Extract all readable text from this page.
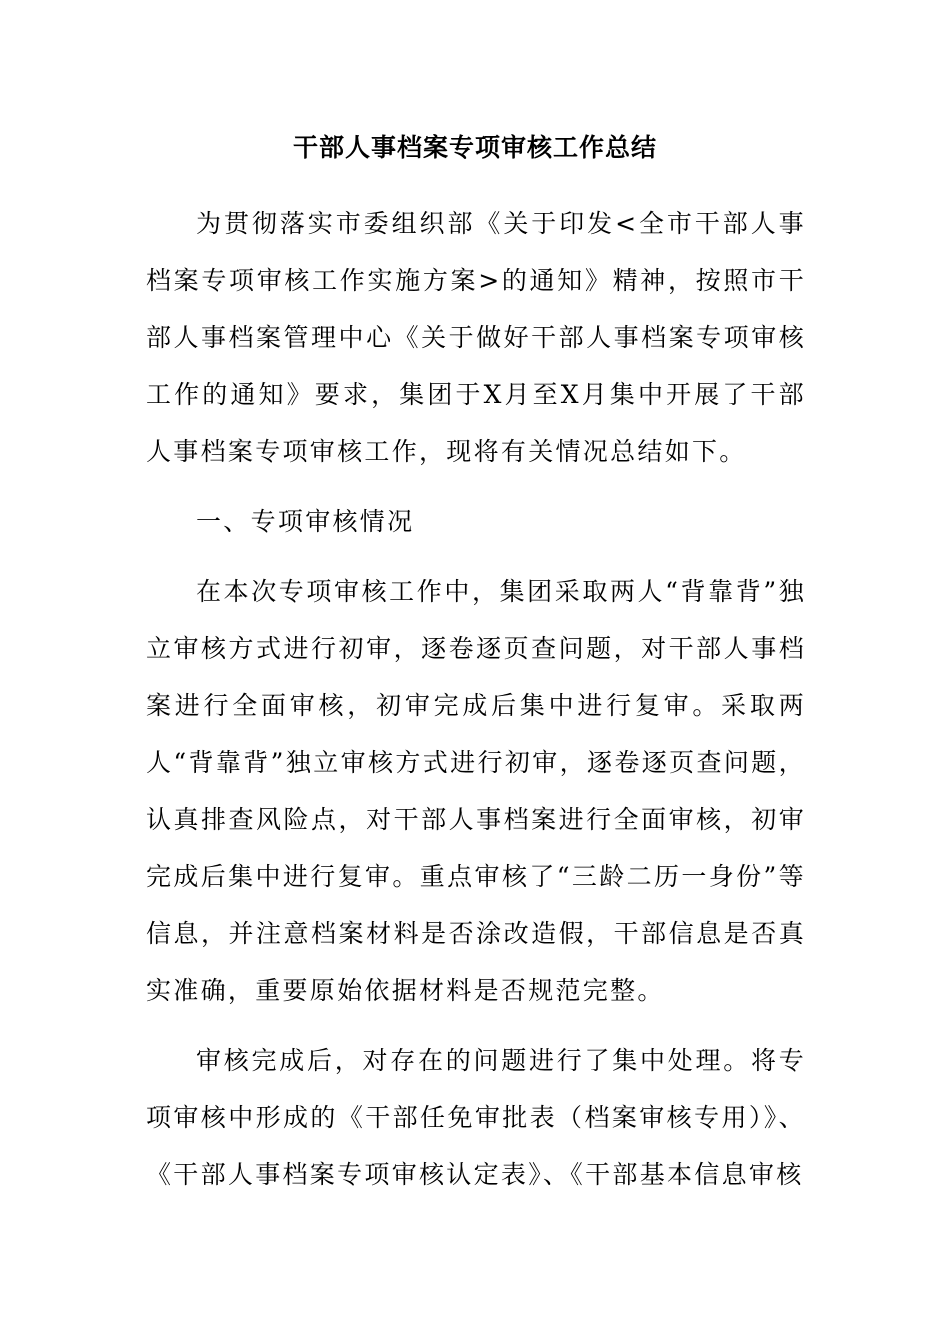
干部人事档案专项审核工作总结
为贯彻落实市委组织部《关于印发<全市干部人事档案专项审核工作实施方案>的通知》精神，按照市干部人事档案管理中心《关于做好干部人事档案专项审核工作的通知》要求，集团于X月至X月集中开展了干部人事档案专项审核工作，现将有关情况总结如下。
一、专项审核情况
在本次专项审核工作中，集团采取两人“背靠背”独立审核方式进行初审，逐卷逐页查问题，对干部人事档案进行全面审核，初审完成后集中进行复审。采取两人“背靠背”独立审核方式进行初审，逐卷逐页查问题，认真排查风险点，对干部人事档案进行全面审核，初审完成后集中进行复审。重点审核了“三龄二历一身份”等信息，并注意档案材料是否涂改造假，干部信息是否真实准确，重要原始依据材料是否规范完整。
审核完成后，对存在的问题进行了集中处理。将专项审核中形成的《干部任免审批表（档案审核专用）》、《干部人事档案专项审核认定表》、《干部基本信息审核
